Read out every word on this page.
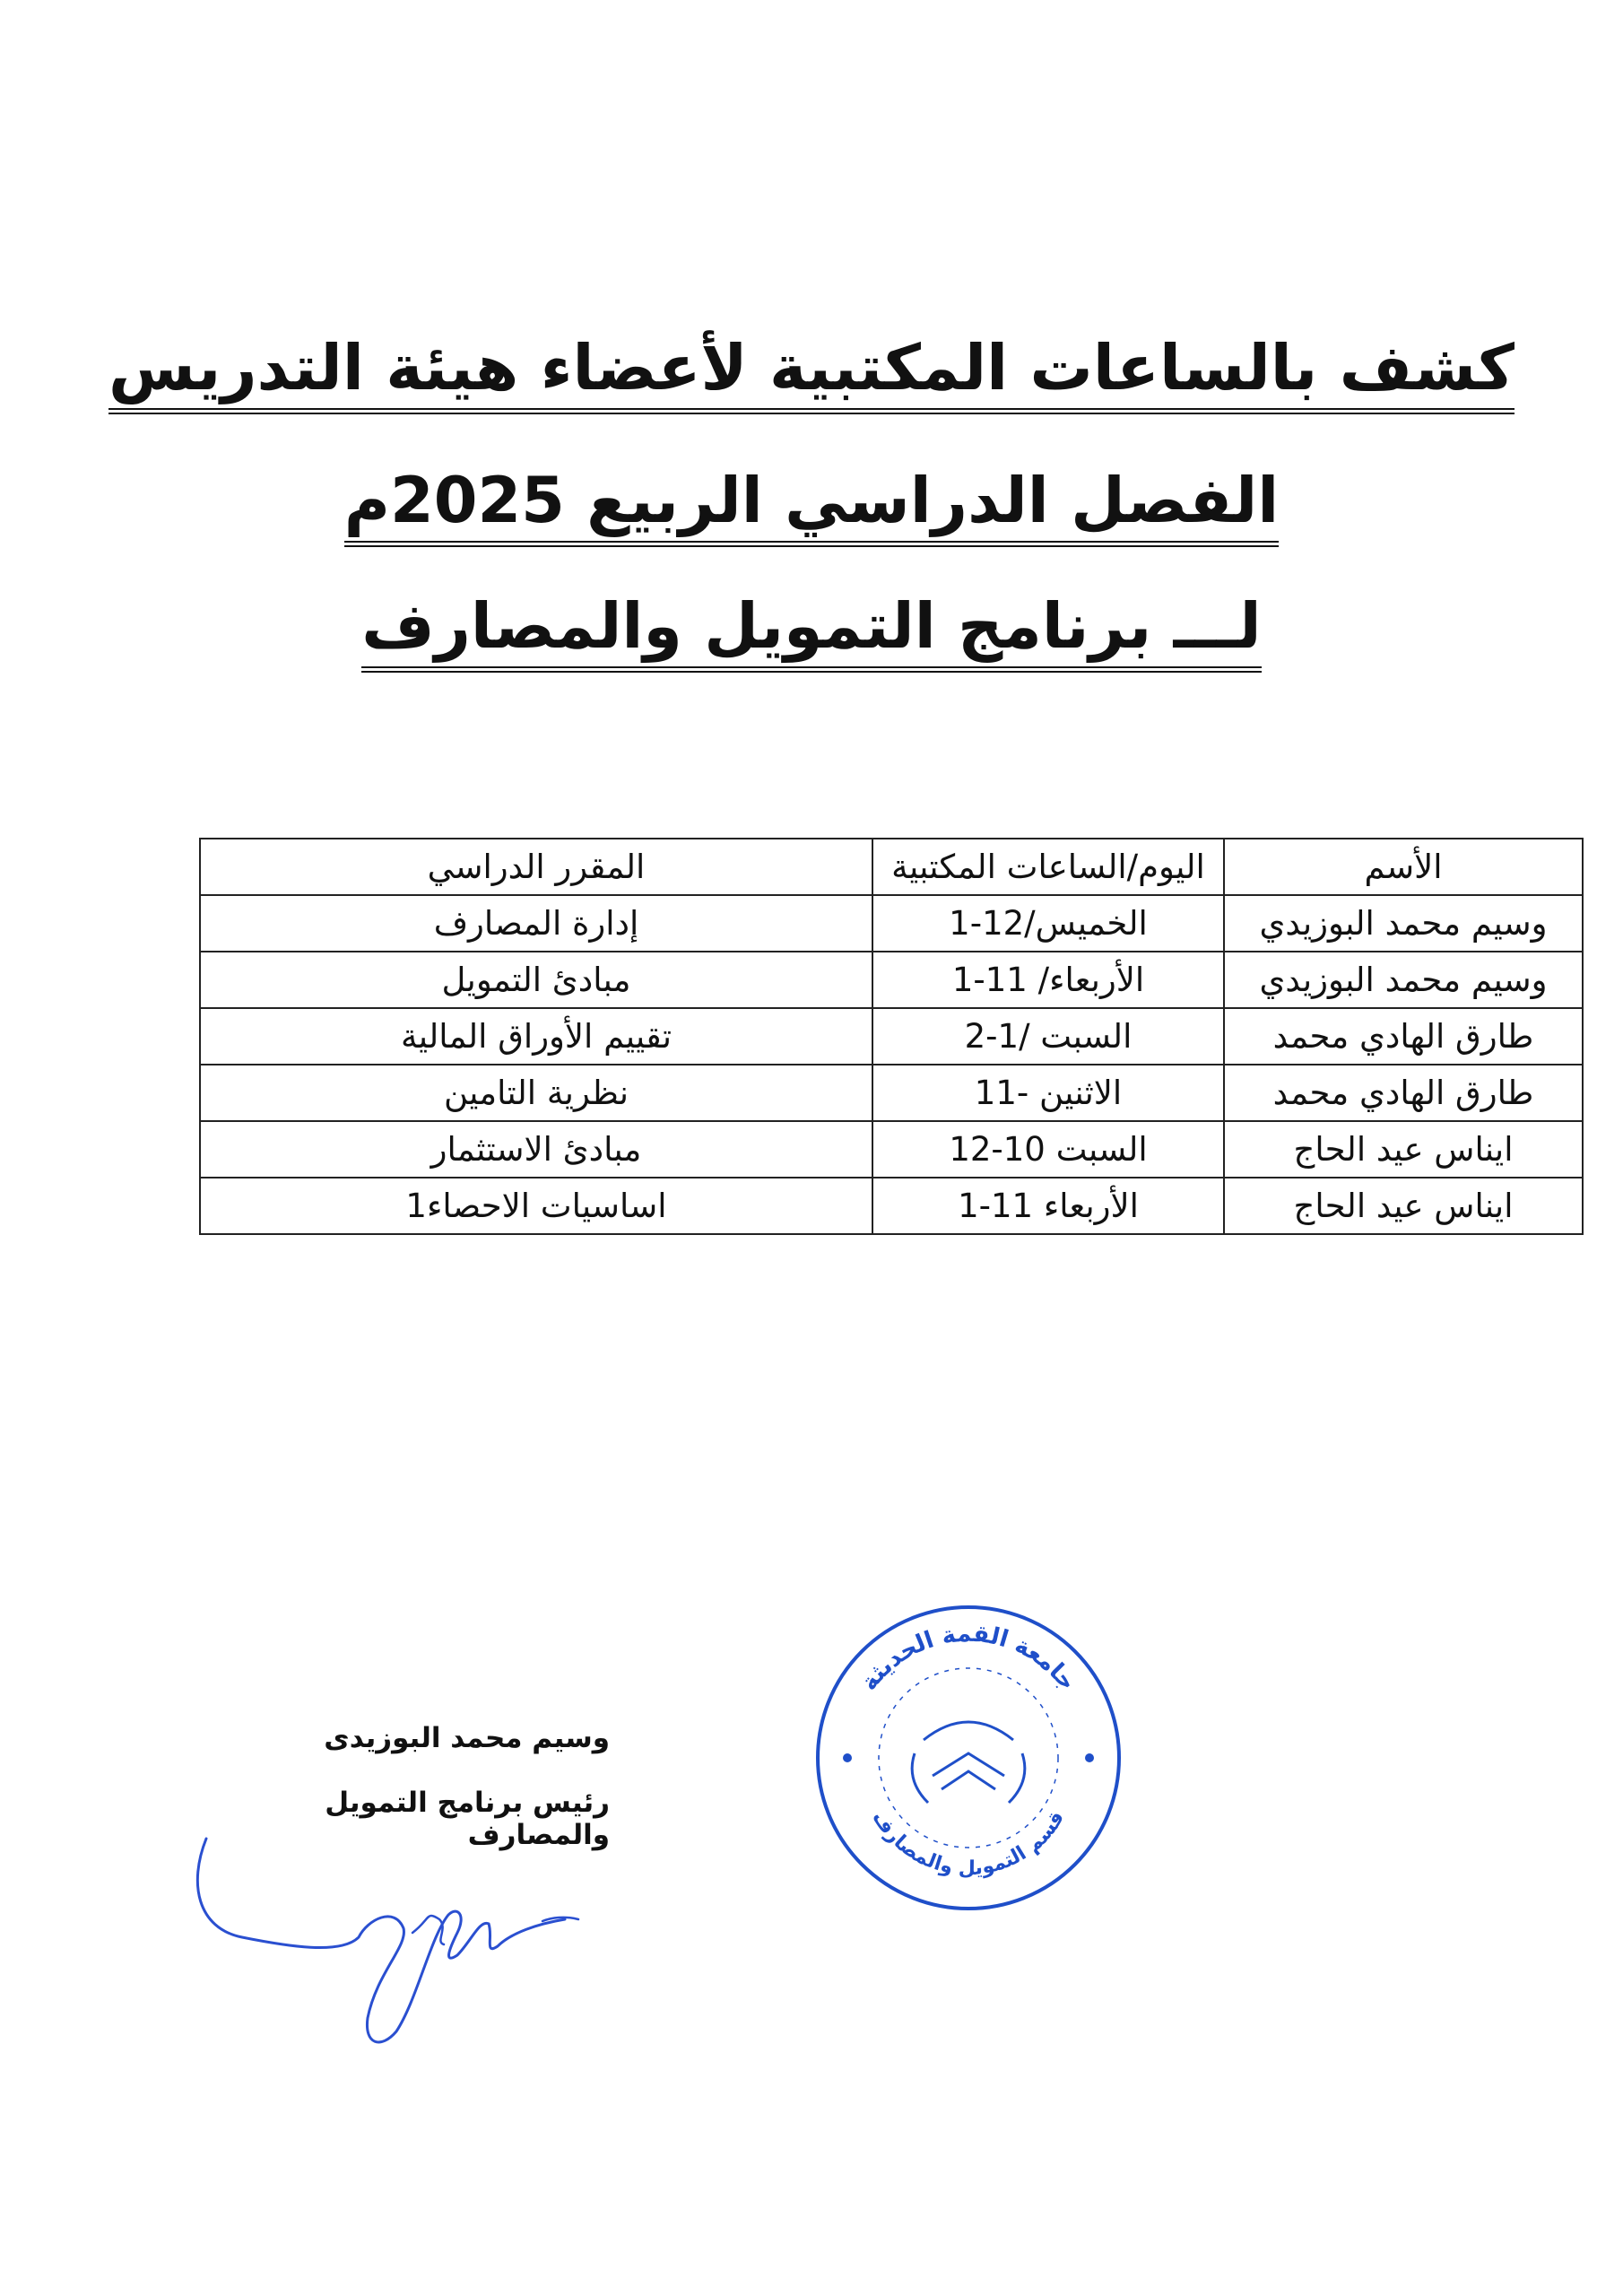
كشف بالساعات المكتبية لأعضاء هيئة التدريس
الفصل الدراسي الربيع 2025م
لـــ برنامج التمويل والمصارف
الأسم	اليوم/الساعات المكتبية	المقرر الدراسي
وسيم محمد البوزيدي	الخميس/12-1	إدارة المصارف
وسيم محمد البوزيدي	الأربعاء/ 11-1	مبادئ التمويل
طارق الهادي محمد	السبت /1-2	تقييم الأوراق المالية
طارق الهادي محمد	الاثنين -11	نظرية التامين
ايناس عيد الحاج	السبت 10-12	مبادئ الاستثمار
ايناس عيد الحاج	الأربعاء 11-1	اساسيات الاحصاء1
وسيم محمد البوزيدى
رئيس برنامج التمويل والمصارف
جامعة القمة الحديثة
قسم التمويل والمصارف
